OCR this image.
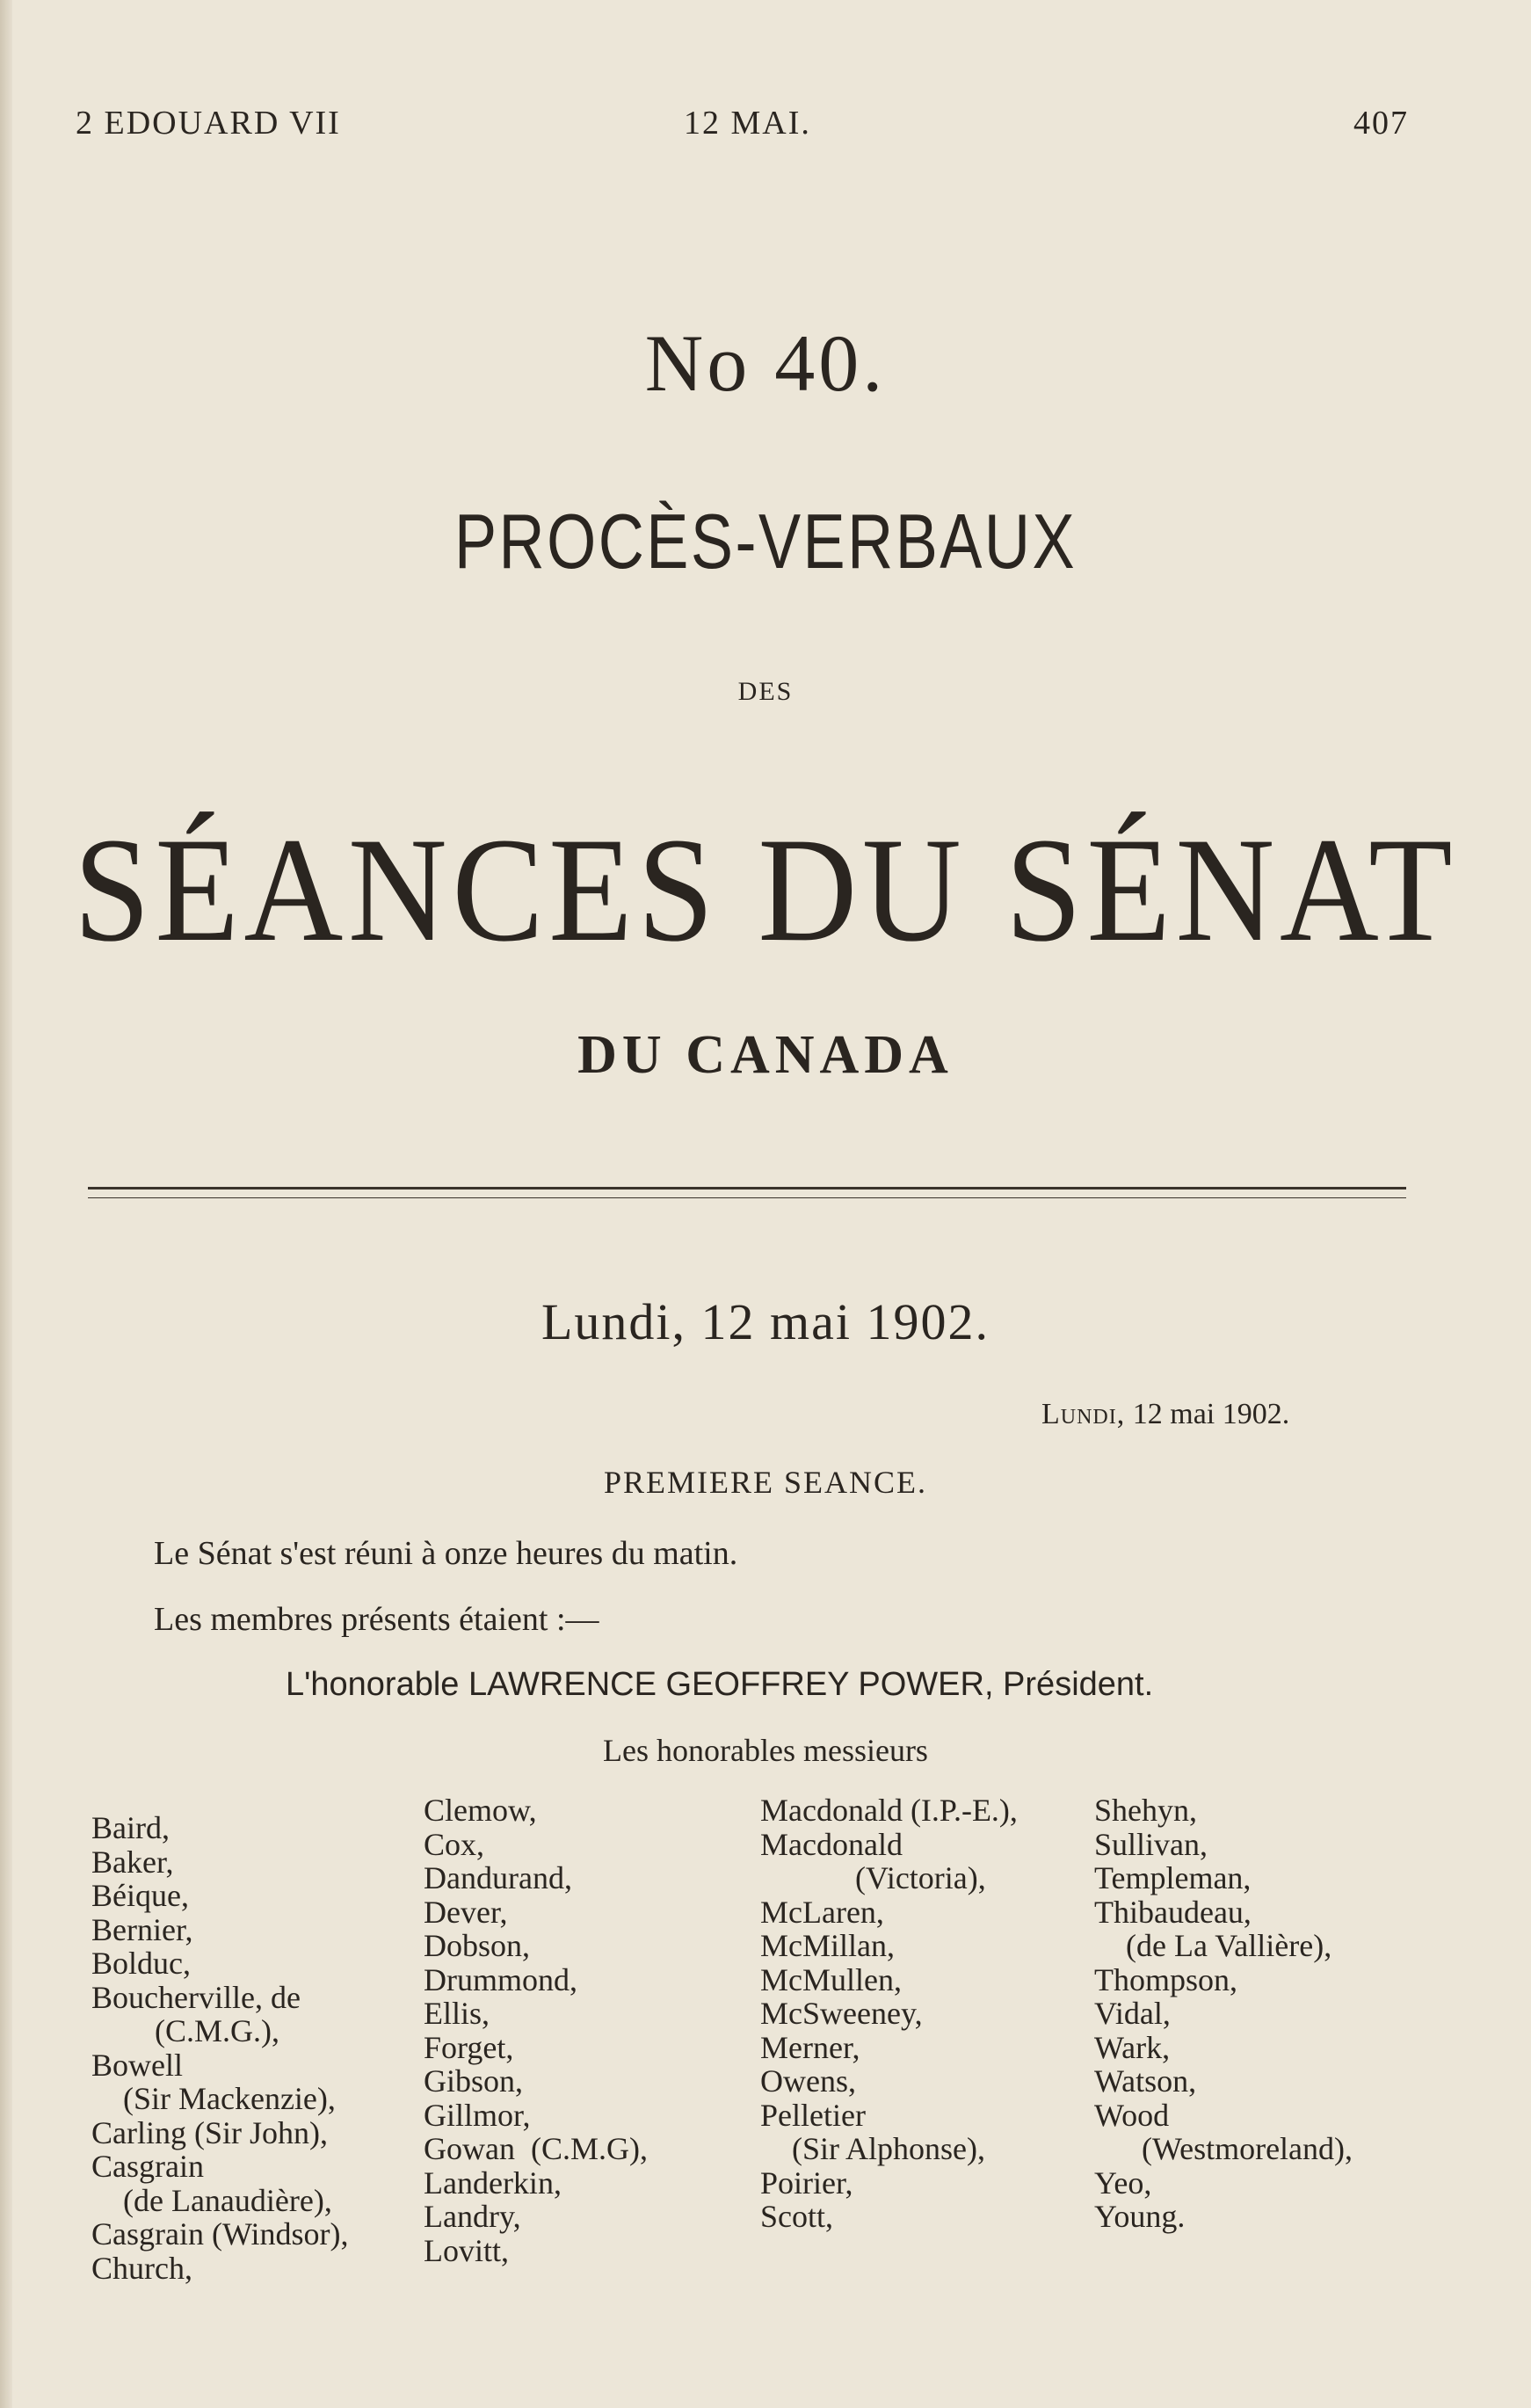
2 EDOUARD VII	12 MAI.	407
No 40.
PROCÈS-VERBAUX
DES
SÉANCES DU SÉNAT
DU CANADA
Lundi, 12 mai 1902.
Lundi, 12 mai 1902.
PREMIERE SEANCE.
Le Sénat s'est réuni à onze heures du matin.
Les membres présents étaient :—
L'honorable LAWRENCE GEOFFREY POWER, Président.
Les honorables messieurs
Baird,
Baker,
Béique,
Bernier,
Bolduc,
Boucherville, de
(C.M.G.),
Bowell
(Sir Mackenzie),
Carling (Sir John),
Casgrain
(de Lanaudière),
Casgrain (Windsor),
Church,
Clemow,
Cox,
Dandurand,
Dever,
Dobson,
Drummond,
Ellis,
Forget,
Gibson,
Gillmor,
Gowan  (C.M.G),
Landerkin,
Landry,
Lovitt,
Macdonald (I.P.-E.),
Macdonald
(Victoria),
McLaren,
McMillan,
McMullen,
McSweeney,
Merner,
Owens,
Pelletier
(Sir Alphonse),
Poirier,
Scott,
Shehyn,
Sullivan,
Templeman,
Thibaudeau,
(de La Vallière),
Thompson,
Vidal,
Wark,
Watson,
Wood
(Westmoreland),
Yeo,
Young.
